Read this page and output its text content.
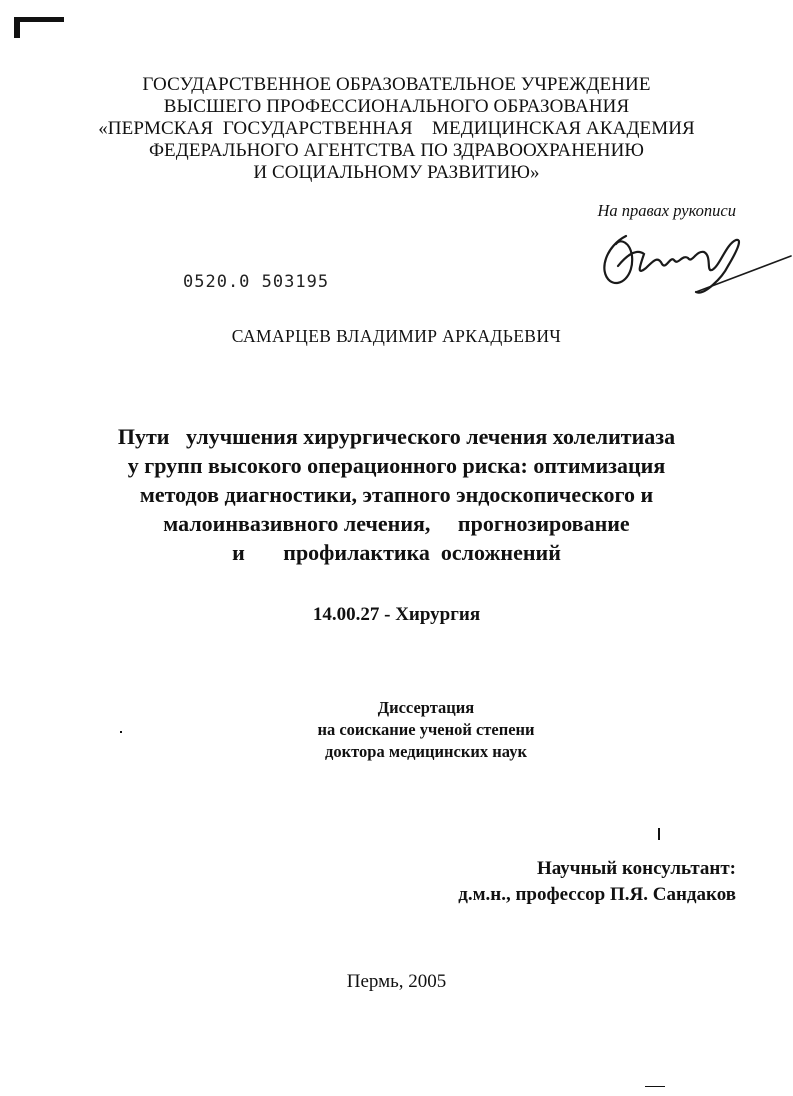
ГОСУДАРСТВЕННОЕ ОБРАЗОВАТЕЛЬНОЕ УЧРЕЖДЕНИЕ
ВЫСШЕГО ПРОФЕССИОНАЛЬНОГО ОБРАЗОВАНИЯ
«ПЕРМСКАЯ  ГОСУДАРСТВЕННАЯ    МЕДИЦИНСКАЯ АКАДЕМИЯ
ФЕДЕРАЛЬНОГО АГЕНТСТВА ПО ЗДРАВООХРАНЕНИЮ
И СОЦИАЛЬНОМУ РАЗВИТИЮ»
На правах рукописи
0520.0 503195
САМАРЦЕВ ВЛАДИМИР АРКАДЬЕВИЧ
Пути   улучшения хирургического лечения холелитиаза
у групп высокого операционного риска: оптимизация
методов диагностики, этапного эндоскопического и
малоинвазивного лечения,     прогнозирование
и       профилактика  осложнений
14.00.27 - Хирургия
Диссертация
на соискание ученой степени
доктора медицинских наук
Научный консультант:
д.м.н., профессор П.Я. Сандаков
Пермь, 2005
